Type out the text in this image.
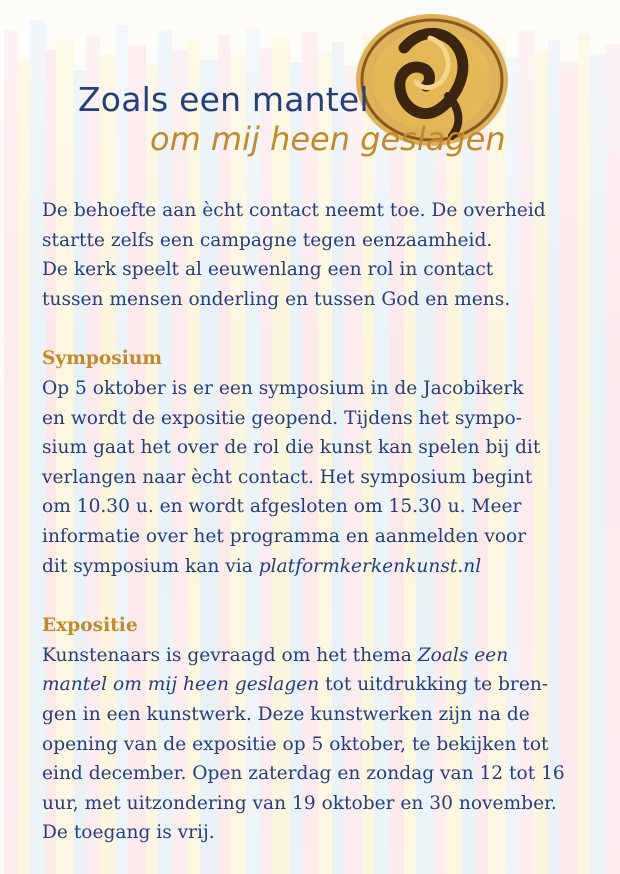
Zoals een mantel
om mij heen geslagen

De behoefte aan ècht contact neemt toe. De overheid

startte zelfs een campagne tegen eenzaamheid.

De kerk speelt al eeuwenlang een rol in contact

tussen mensen onderling en tussen God en mens.

Symposium

Op 5 oktober is er een symposium in de Jacobikerk

en wordt de expositie geopend. Tijdens het sympo-

sium gaat het over de rol die kunst kan spelen bij dit

verlangen naar ècht contact. Het symposium begint

om 10.30 u. en wordt afgesloten om 15.30 u. Meer

informatie over het programma en aanmelden voor

dit symposium kan via platformkerkenkunst.nl

Expositie

Kunstenaars is gevraagd om het thema Zoals een

mantel om mij heen geslagen tot uitdrukking te bren-

gen in een kunstwerk. Deze kunstwerken zijn na de

opening van de expositie op 5 oktober, te bekijken tot

eind december. Open zaterdag en zondag van 12 tot 16

uur, met uitzondering van 19 oktober en 30 november.

De toegang is vrij.
